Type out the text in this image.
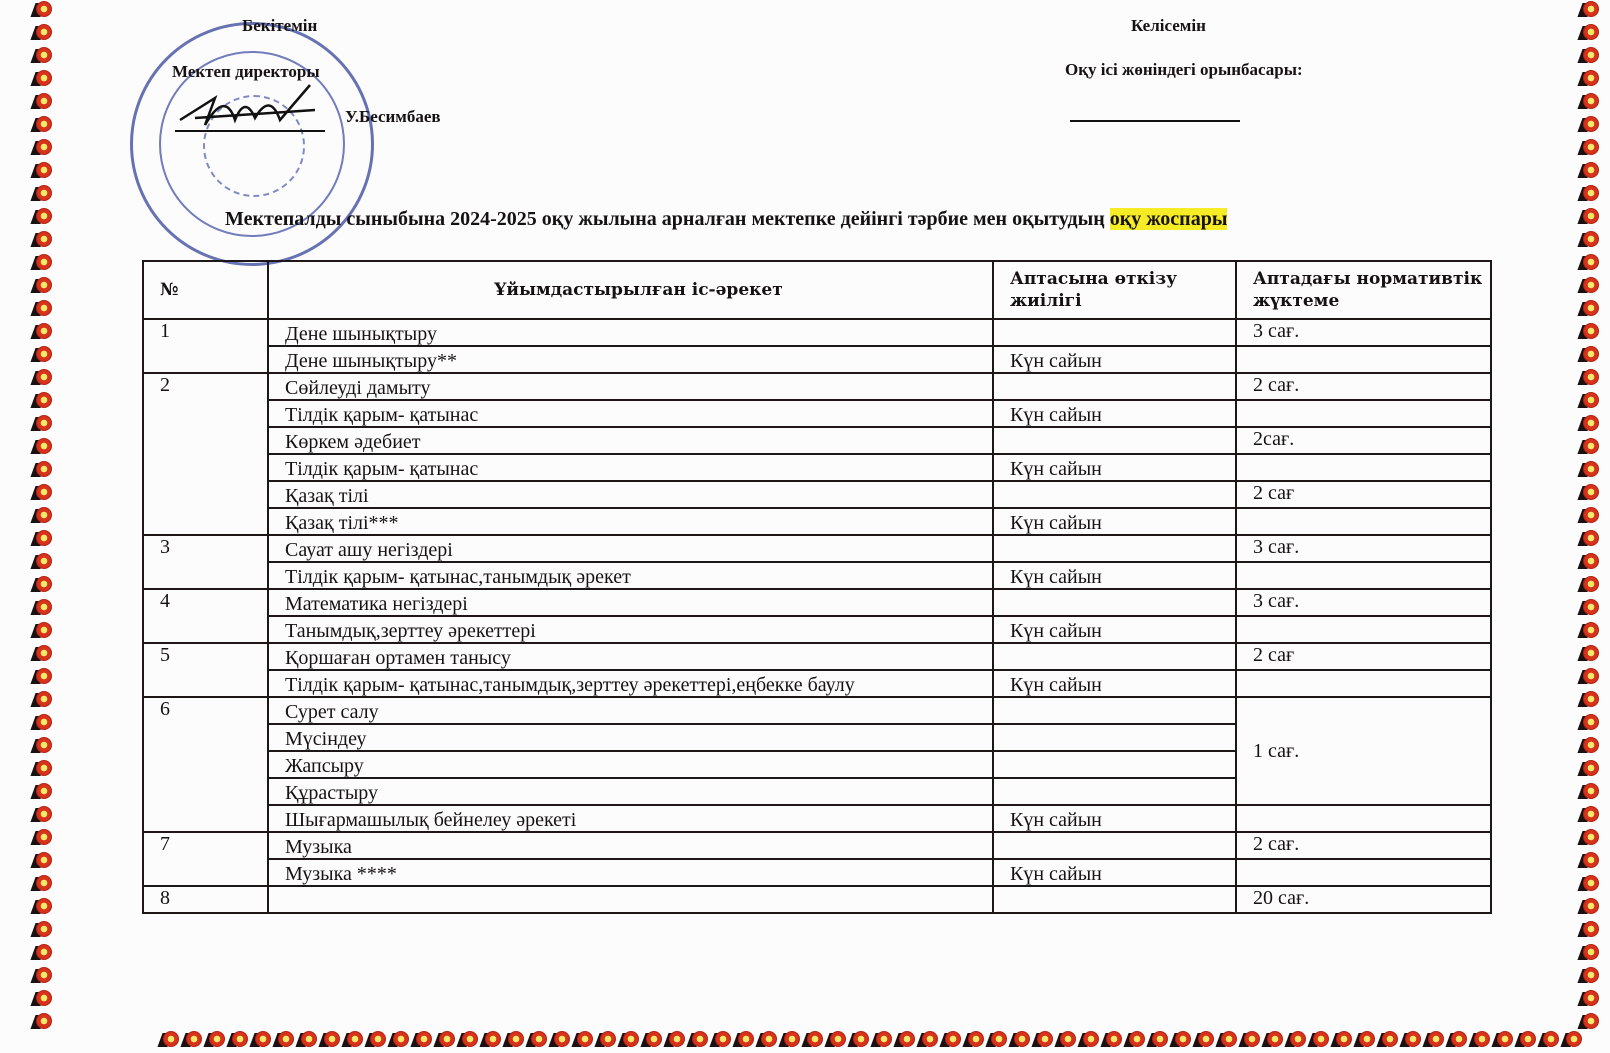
Бекітемін
Мектеп директоры
У.Бесимбаев
Келісемін
Оқу ісі жөніндегі орынбасары:
Мектепалды сыныбына 2024-2025 оқу жылына арналған мектепке дейінгі тәрбие мен оқытудың оқу жоспары
№	Ұйымдастырылған іс-әрекет	Аптасына өткізу жиілігі	Аптадағы нормативтік жүктеме
1	Дене шынықтыру		3 сағ.
	Дене шынықтыру**	Күн сайын	
2	Сөйлеуді дамыту		2 сағ.
	Тілдік қарым- қатынас	Күн сайын	
	Көркем әдебиет		2сағ.
	Тілдік қарым- қатынас	Күн сайын	
	Қазақ тілі		2 сағ
	Қазақ тілі***	Күн сайын	
3	Сауат ашу негіздері		3 сағ.
	Тілдік қарым- қатынас,танымдық әрекет	Күн сайын	
4	Математика негіздері		3 сағ.
	Танымдық,зерттеу әрекеттері	Күн сайын	
5	Қоршаған ортамен танысу		2 сағ
	Тілдік қарым- қатынас,танымдық,зерттеу әрекеттері,еңбекке баулу	Күн сайын	
6	Сурет салу		1 сағ.
	Мүсіндеу		
	Жапсыру		
	Құрастыру		
	Шығармашылық бейнелеу әрекеті	Күн сайын	
7	Музыка		2 сағ.
	Музыка ****	Күн сайын	
8			20 сағ.
